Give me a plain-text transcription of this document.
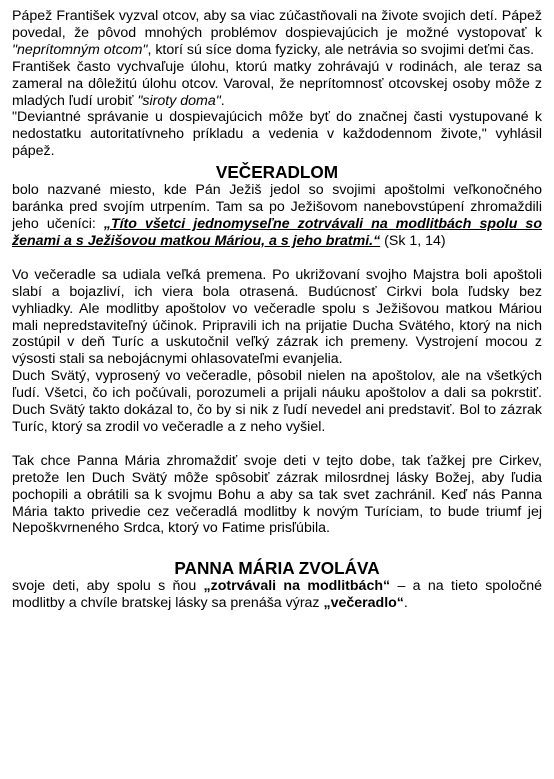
Pápež František vyzval otcov, aby sa viac zúčastňovali na živote svojich detí. Pápež povedal, že pôvod mnohých problémov dospievajúcich je možné vystopovať k "neprítomným otcom", ktorí sú síce doma fyzicky, ale netrávia so svojimi deťmi čas.

František často vychvaľuje úlohu, ktorú matky zohrávajú v rodinách, ale teraz sa zameral na dôležitú úlohu otcov. Varoval, že neprítomnosť otcovskej osoby môže z mladých ľudí urobiť "siroty doma".

"Deviantné správanie u dospievajúcich môže byť do značnej časti vystupované k nedostatku autoritatívneho príkladu a vedenia v každodennom živote," vyhlásil pápež.

VEČERADLOM

bolo nazvané miesto, kde Pán Ježiš jedol so svojimi apoštolmi veľkonočného baránka pred svojím utrpením. Tam sa po Ježišovom nanebovstúpení zhromaždili jeho učeníci: „Títo všetci jednomyseľne zotrvávali na modlitbách spolu so ženami a s Ježišovou matkou Máriou, a s jeho bratmi.“ (Sk 1, 14)

Vo večeradle sa udiala veľká premena. Po ukrižovaní svojho Majstra boli apoštoli slabí a bojazliví, ich viera bola otrasená. Budúcnosť Cirkvi bola ľudsky bez vyhliadky. Ale modlitby apoštolov vo večeradle spolu s Ježišovou matkou Máriou mali nepredstaviteľný účinok. Pripravili ich na prijatie Ducha Svätého, ktorý na nich zostúpil v deň Turíc a uskutočnil veľký zázrak ich premeny. Vystrojení mocou z výsosti stali sa nebojácnymi ohlasovateľmi evanjelia.

Duch Svätý, vyprosený vo večeradle, pôsobil nielen na apoštolov, ale na všetkých ľudí. Všetci, čo ich počúvali, porozumeli a prijali náuku apoštolov a dali sa pokrstiť. Duch Svätý takto dokázal to, čo by si nik z ľudí nevedel ani predstaviť. Bol to zázrak Turíc, ktorý sa zrodil vo večeradle a z neho vyšiel.

Tak chce Panna Mária zhromaždiť svoje deti v tejto dobe, tak ťažkej pre Cirkev, pretože len Duch Svätý môže spôsobiť zázrak milosrdnej lásky Božej, aby ľudia pochopili a obrátili sa k svojmu Bohu a aby sa tak svet zachránil. Keď nás Panna Mária takto privedie cez večeradlá modlitby k novým Turíciam, to bude triumf jej Nepoškvrneného Srdca, ktorý vo Fatime prisľúbila.

PANNA MÁRIA ZVOLÁVA

svoje deti, aby spolu s ňou „zotrvávali na modlitbách“ – a na tieto spoločné modlitby a chvíle bratskej lásky sa prenáša výraz „večeradlo“.
